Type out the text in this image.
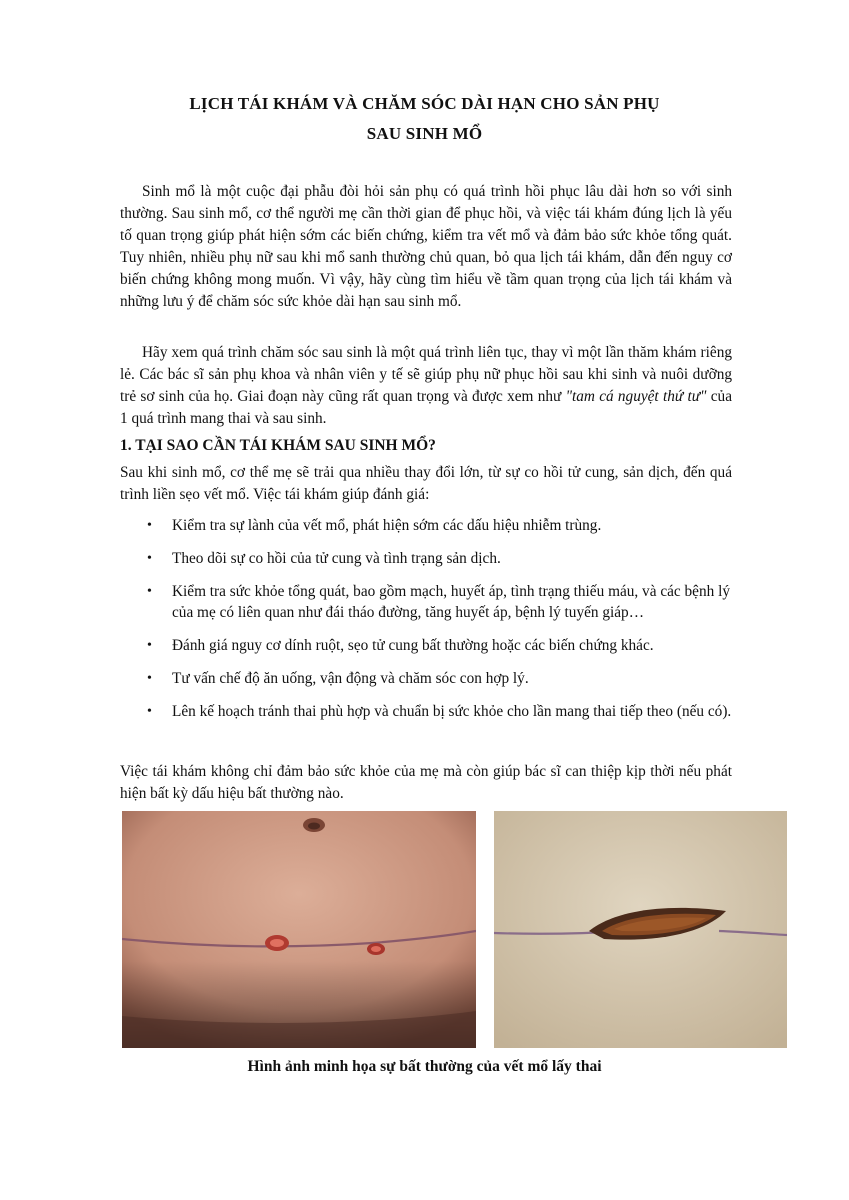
LỊCH TÁI KHÁM VÀ CHĂM SÓC DÀI HẠN CHO SẢN PHỤ
SAU SINH MỔ

Sinh mổ là một cuộc đại phẫu đòi hỏi sản phụ có quá trình hồi phục lâu dài hơn so với sinh thường. Sau sinh mổ, cơ thể người mẹ cần thời gian để phục hồi, và việc tái khám đúng lịch là yếu tố quan trọng giúp phát hiện sớm các biến chứng, kiểm tra vết mổ và đảm bảo sức khỏe tổng quát. Tuy nhiên, nhiều phụ nữ sau khi mổ sanh thường chủ quan, bỏ qua lịch tái khám, dẫn đến nguy cơ biến chứng không mong muốn. Vì vậy, hãy cùng tìm hiểu về tầm quan trọng của lịch tái khám và những lưu ý để chăm sóc sức khỏe dài hạn sau sinh mổ.

Hãy xem quá trình chăm sóc sau sinh là một quá trình liên tục, thay vì một lần thăm khám riêng lẻ. Các bác sĩ sản phụ khoa và nhân viên y tế sẽ giúp phụ nữ phục hồi sau khi sinh và nuôi dưỡng trẻ sơ sinh của họ. Giai đoạn này cũng rất quan trọng và được xem như "tam cá nguyệt thứ tư" của 1 quá trình mang thai và sau sinh.

1. TẠI SAO CẦN TÁI KHÁM SAU SINH MỔ?

Sau khi sinh mổ, cơ thể mẹ sẽ trải qua nhiều thay đổi lớn, từ sự co hồi tử cung, sản dịch, đến quá trình liền sẹo vết mổ. Việc tái khám giúp đánh giá:

• Kiểm tra sự lành của vết mổ, phát hiện sớm các dấu hiệu nhiễm trùng.
• Theo dõi sự co hồi của tử cung và tình trạng sản dịch.
• Kiểm tra sức khỏe tổng quát, bao gồm mạch, huyết áp, tình trạng thiếu máu, và các bệnh lý của mẹ có liên quan như đái tháo đường, tăng huyết áp, bệnh lý tuyến giáp…
• Đánh giá nguy cơ dính ruột, sẹo tử cung bất thường hoặc các biến chứng khác.
• Tư vấn chế độ ăn uống, vận động và chăm sóc con hợp lý.
• Lên kế hoạch tránh thai phù hợp và chuẩn bị sức khỏe cho lần mang thai tiếp theo (nếu có).

Việc tái khám không chỉ đảm bảo sức khỏe của mẹ mà còn giúp bác sĩ can thiệp kịp thời nếu phát hiện bất kỳ dấu hiệu bất thường nào.

Hình ảnh minh họa sự bất thường của vết mổ lấy thai
